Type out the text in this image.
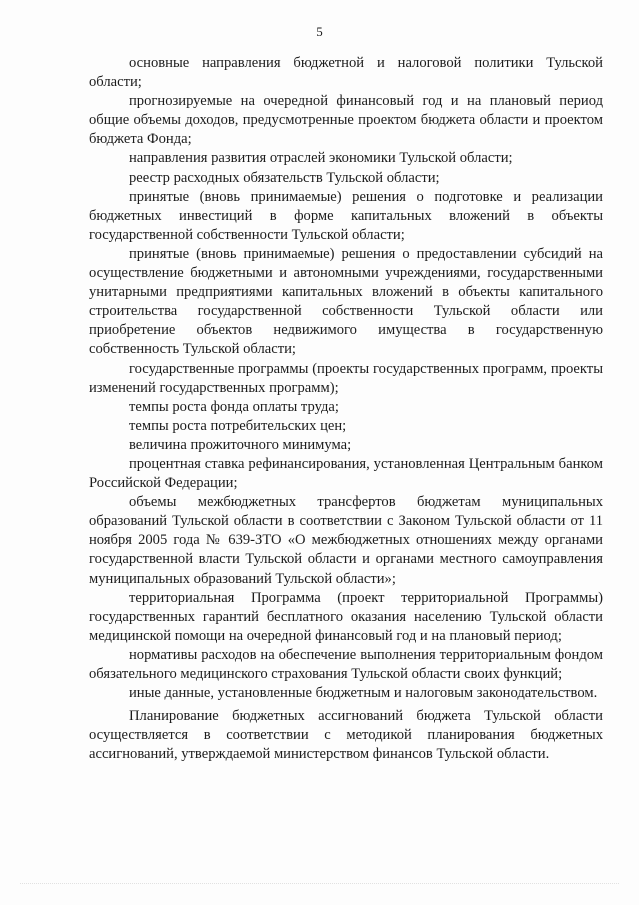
5

основные направления бюджетной и налоговой политики Тульской области;

прогнозируемые на очередной финансовый год и на плановый период общие объемы доходов, предусмотренные проектом бюджета области и проектом бюджета Фонда;

направления развития отраслей экономики Тульской области;

реестр расходных обязательств Тульской области;

принятые (вновь принимаемые) решения о подготовке и реализации бюджетных инвестиций в форме капитальных вложений в объекты государственной собственности Тульской области;

принятые (вновь принимаемые) решения о предоставлении субсидий на осуществление бюджетными и автономными учреждениями, государственными унитарными предприятиями капитальных вложений в объекты капитального строительства государственной собственности Тульской области или приобретение объектов недвижимого имущества в государственную собственность Тульской области;

государственные программы (проекты государственных программ, проекты изменений государственных программ);

темпы роста фонда оплаты труда;

темпы роста потребительских цен;

величина прожиточного минимума;

процентная ставка рефинансирования, установленная Центральным банком Российской Федерации;

объемы межбюджетных трансфертов бюджетам муниципальных образований Тульской области в соответствии с Законом Тульской области от 11 ноября 2005 года № 639-ЗТО «О межбюджетных отношениях между органами государственной власти Тульской области и органами местного самоуправления муниципальных образований Тульской области»;

территориальная Программа (проект территориальной Программы) государственных гарантий бесплатного оказания населению Тульской области медицинской помощи на очередной финансовый год и на плановый период;

нормативы расходов на обеспечение выполнения территориальным фондом обязательного медицинского страхования Тульской области своих функций;

иные данные, установленные бюджетным и налоговым законодательством.

Планирование бюджетных ассигнований бюджета Тульской области осуществляется в соответствии с методикой планирования бюджетных ассигнований, утверждаемой министерством финансов Тульской области.
